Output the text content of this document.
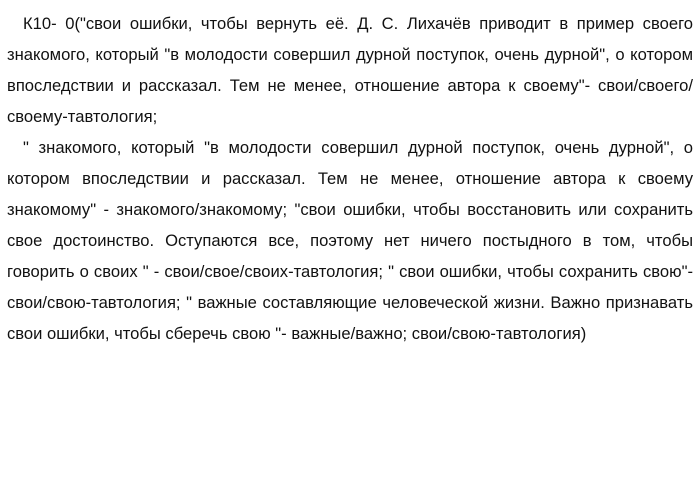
К10- 0("свои ошибки, чтобы вернуть её. Д. С. Лихачёв приводит в пример своего знакомого, который "в молодости совершил дурной поступок, очень дурной", о котором впоследствии и рассказал. Тем не менее, отношение автора к своему"- свои/своего/своему-тавтология;

" знакомого, который "в молодости совершил дурной поступок, очень дурной", о котором впоследствии и рассказал. Тем не менее, отношение автора к своему знакомому" - знакомого/знакомому; "свои ошибки, чтобы восстановить или сохранить свое достоинство. Оступаются все, поэтому нет ничего постыдного в том, чтобы говорить о своих " - свои/свое/своих-тавтология; " свои ошибки, чтобы сохранить свою"- свои/свою-тавтология; " важные составляющие человеческой жизни. Важно признавать свои ошибки, чтобы сберечь свою "- важные/важно; свои/свою-тавтология)
